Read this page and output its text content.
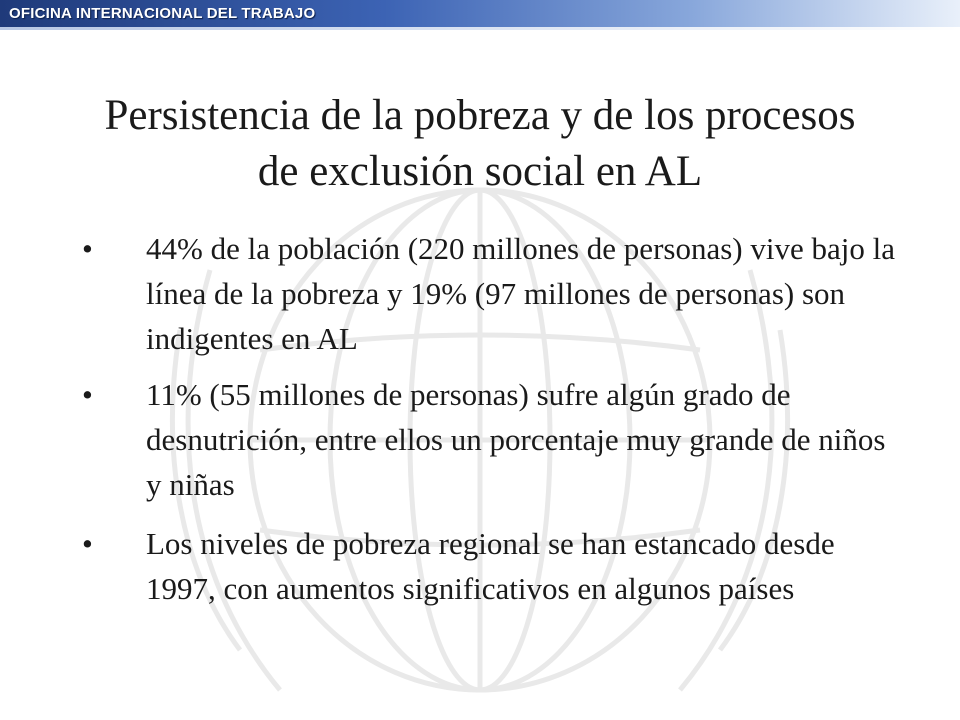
OFICINA INTERNACIONAL DEL TRABAJO
Persistencia de la pobreza y de los procesos de exclusión social en AL
•	44% de la población (220 millones de personas) vive bajo la línea de la pobreza y 19% (97 millones de personas) son indigentes en AL
•	11% (55 millones de personas) sufre algún grado de desnutrición, entre ellos un porcentaje muy grande de niños y niñas
•	Los niveles de pobreza regional se han estancado desde 1997, con aumentos significativos en algunos países
